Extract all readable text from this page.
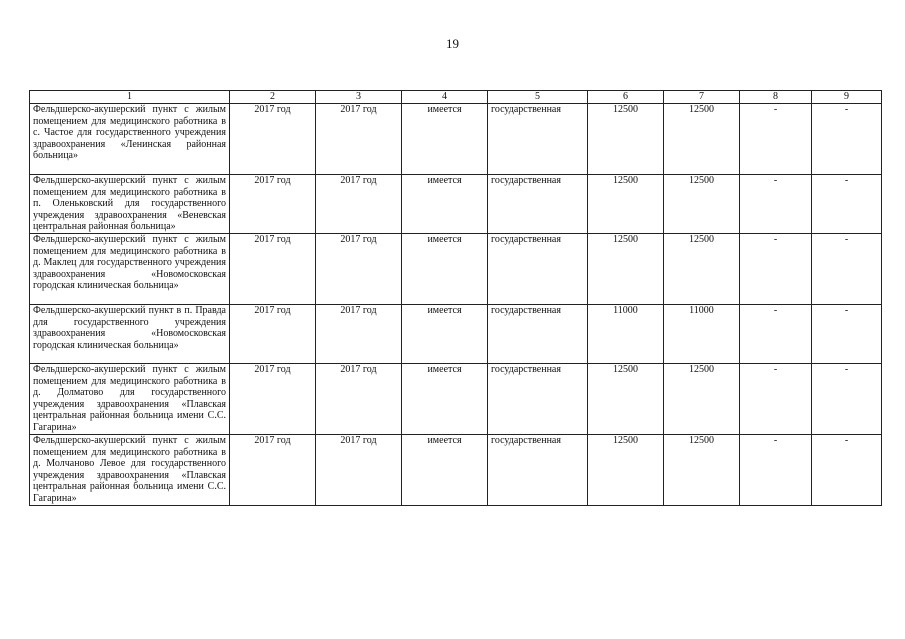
19
1	2	3	4	5	6	7	8	9
Фельдшерско-акушерский пункт с жилым помещением для медицинского работника в с. Частое для государственного учреждения здравоохранения «Ленинская районная больница»	2017 год	2017 год	имеется	государственная	12500	12500	-	-
Фельдшерско-акушерский пункт с жилым помещением для медицинского работника в п. Оленьковский для государственного учреждения здравоохранения «Веневская центральная районная больница»	2017 год	2017 год	имеется	государственная	12500	12500	-	-
Фельдшерско-акушерский пункт с жилым помещением для медицинского работника в д. Маклец для государственного учреждения здравоохранения «Новомосковская городская клиническая больница»	2017 год	2017 год	имеется	государственная	12500	12500	-	-
Фельдшерско-акушерский пункт в п. Правда для государственного учреждения здравоохранения «Новомосковская городская клиническая больница»	2017 год	2017 год	имеется	государственная	11000	11000	-	-
Фельдшерско-акушерский пункт с жилым помещением для медицинского работника в д. Долматово для государственного учреждения здравоохранения «Плавская центральная районная больница имени С.С. Гагарина»	2017 год	2017 год	имеется	государственная	12500	12500	-	-
Фельдшерско-акушерский пункт с жилым помещением для медицинского работника в д. Молчаново Левое для государственного учреждения здравоохранения «Плавская центральная районная больница имени С.С. Гагарина»	2017 год	2017 год	имеется	государственная	12500	12500	-	-
